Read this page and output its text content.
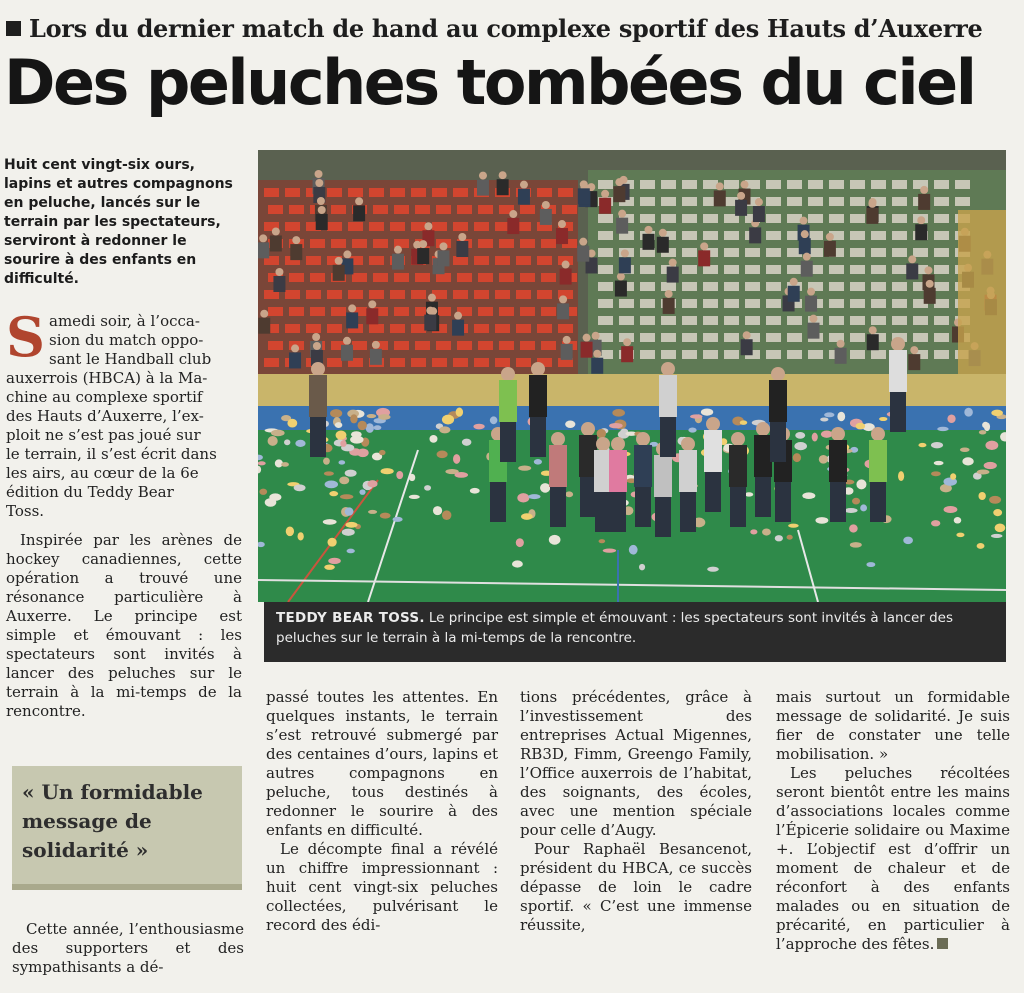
Lors du dernier match de hand au complexe sportif des Hauts d’Auxerre
Des peluches tombées du ciel
Huit cent vingt-six ours, lapins et autres compagnons en peluche, lancés sur le terrain par les spectateurs, serviront à redonner le sourire à des enfants en difficulté.
TEDDY BEAR TOSS. Le principe est simple et émouvant : les spectateurs sont invités à lancer des peluches sur le terrain à la mi-temps de la rencontre.

S amedi soir, à l’occa-
sion du match oppo-
sant le Handball club
auxerrois (HBCA) à la Ma-
chine au complexe sportif
des Hauts d’Auxerre, l’ex-
ploit ne s’est pas joué sur
le terrain, il s’est écrit dans
les airs, au cœur de la 6e
édition du Teddy Bear
Toss.

Inspirée par les arènes de hockey canadiennes, cette opération a trouvé une résonance particulière à Auxerre. Le principe est simple et émouvant : les spectateurs sont invités à lancer des peluches sur le terrain à la mi-temps de la rencontre.

« Un formidable message de solidarité »

Cette année, l’enthousiasme des supporters et des sympathisants a dé-

passé toutes les attentes. En quelques instants, le terrain s’est retrouvé submergé par des centaines d’ours, lapins et autres compagnons en peluche, tous destinés à redonner le sourire à des enfants en difficulté.

Le décompte final a révélé un chiffre impressionnant : huit cent vingt-six peluches collectées, pulvérisant le record des édi-

tions précédentes, grâce à l’investissement des entreprises Actual Migennes, RB3D, Fimm, Greengo Family, l’Office auxerrois de l’habitat, des soignants, des écoles, avec une mention spéciale pour celle d’Augy.

Pour Raphaël Besancenot, président du HBCA, ce succès dépasse de loin le cadre sportif. « C’est une immense réussite,

mais surtout un formidable message de solidarité. Je suis fier de constater une telle mobilisation. »

Les peluches récoltées seront bientôt entre les mains d’associations locales comme l’Épicerie solidaire ou Maxime +. L’objectif est d’offrir un moment de chaleur et de réconfort à des enfants malades ou en situation de précarité, en particulier à l’approche des fêtes.
